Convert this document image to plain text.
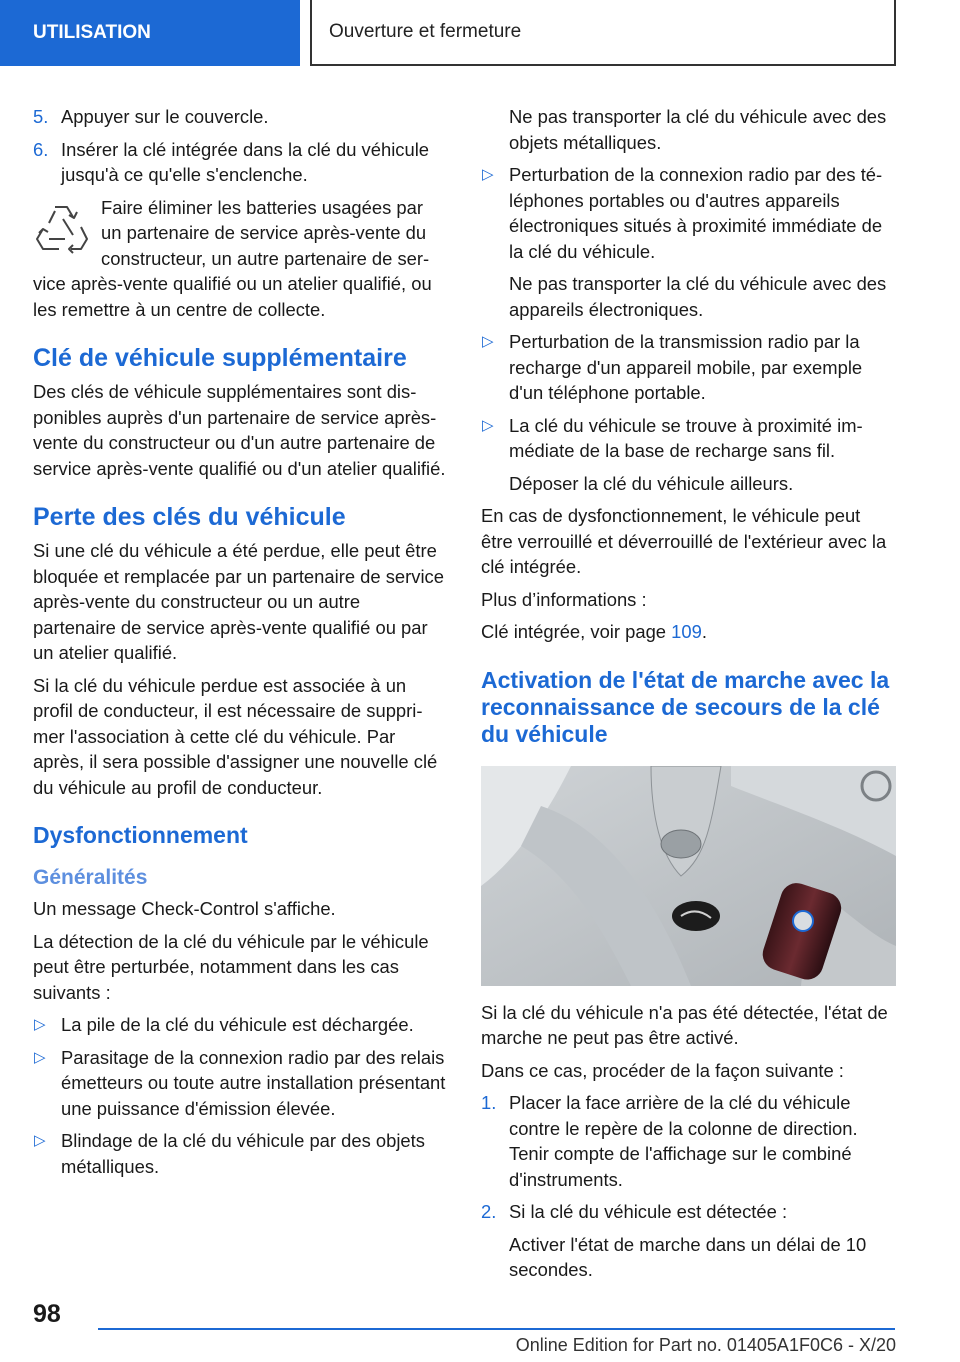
UTILISATION	Ouverture et fermeture
5. Appuyer sur le couvercle.
6. Insérer la clé intégrée dans la clé du véhicule jusqu'à ce qu'elle s'enclenche.
Faire éliminer les batteries usagées par un partenaire de service après-vente du constructeur, un autre partenaire de service après-vente qualifié ou un atelier qualifié, ou les remettre à un centre de collecte.
Clé de véhicule supplémentaire

Des clés de véhicule supplémentaires sont disponibles auprès d'un partenaire de service après-vente du constructeur ou d'un autre partenaire de service après-vente qualifié ou d'un atelier qualifié.

Perte des clés du véhicule

Si une clé du véhicule a été perdue, elle peut être bloquée et remplacée par un partenaire de service après-vente du constructeur ou un autre partenaire de service après-vente qualifié ou par un atelier qualifié.

Si la clé du véhicule perdue est associée à un profil de conducteur, il est nécessaire de supprimer l'association à cette clé du véhicule. Par après, il sera possible d'assigner une nouvelle clé du véhicule au profil de conducteur.

Dysfonctionnement
Généralités

Un message Check-Control s'affiche.

La détection de la clé du véhicule par le véhicule peut être perturbée, notamment dans les cas suivants :

▷ La pile de la clé du véhicule est déchargée.
▷ Parasitage de la connexion radio par des relais émetteurs ou toute autre installation présentant une puissance d'émission élevée.
▷ Blindage de la clé du véhicule par des objets métalliques.
Ne pas transporter la clé du véhicule avec des objets métalliques.
▷ Perturbation de la connexion radio par des téléphones portables ou d'autres appareils électroniques situés à proximité immédiate de la clé du véhicule.
Ne pas transporter la clé du véhicule avec des appareils électroniques.
▷ Perturbation de la transmission radio par la recharge d'un appareil mobile, par exemple d'un téléphone portable.
▷ La clé du véhicule se trouve à proximité immédiate de la base de recharge sans fil.
Déposer la clé du véhicule ailleurs.

En cas de dysfonctionnement, le véhicule peut être verrouillé et déverrouillé de l'extérieur avec la clé intégrée.

Plus d’informations :

Clé intégrée, voir page 109.

Activation de l'état de marche avec la reconnaissance de secours de la clé du véhicule

Si la clé du véhicule n'a pas été détectée, l'état de marche ne peut pas être activé.

Dans ce cas, procéder de la façon suivante :

1. Placer la face arrière de la clé du véhicule contre le repère de la colonne de direction. Tenir compte de l'affichage sur le combiné d'instruments.
2. Si la clé du véhicule est détectée :
Activer l'état de marche dans un délai de 10 secondes.
98
Online Edition for Part no. 01405A1F0C6 - X/20
